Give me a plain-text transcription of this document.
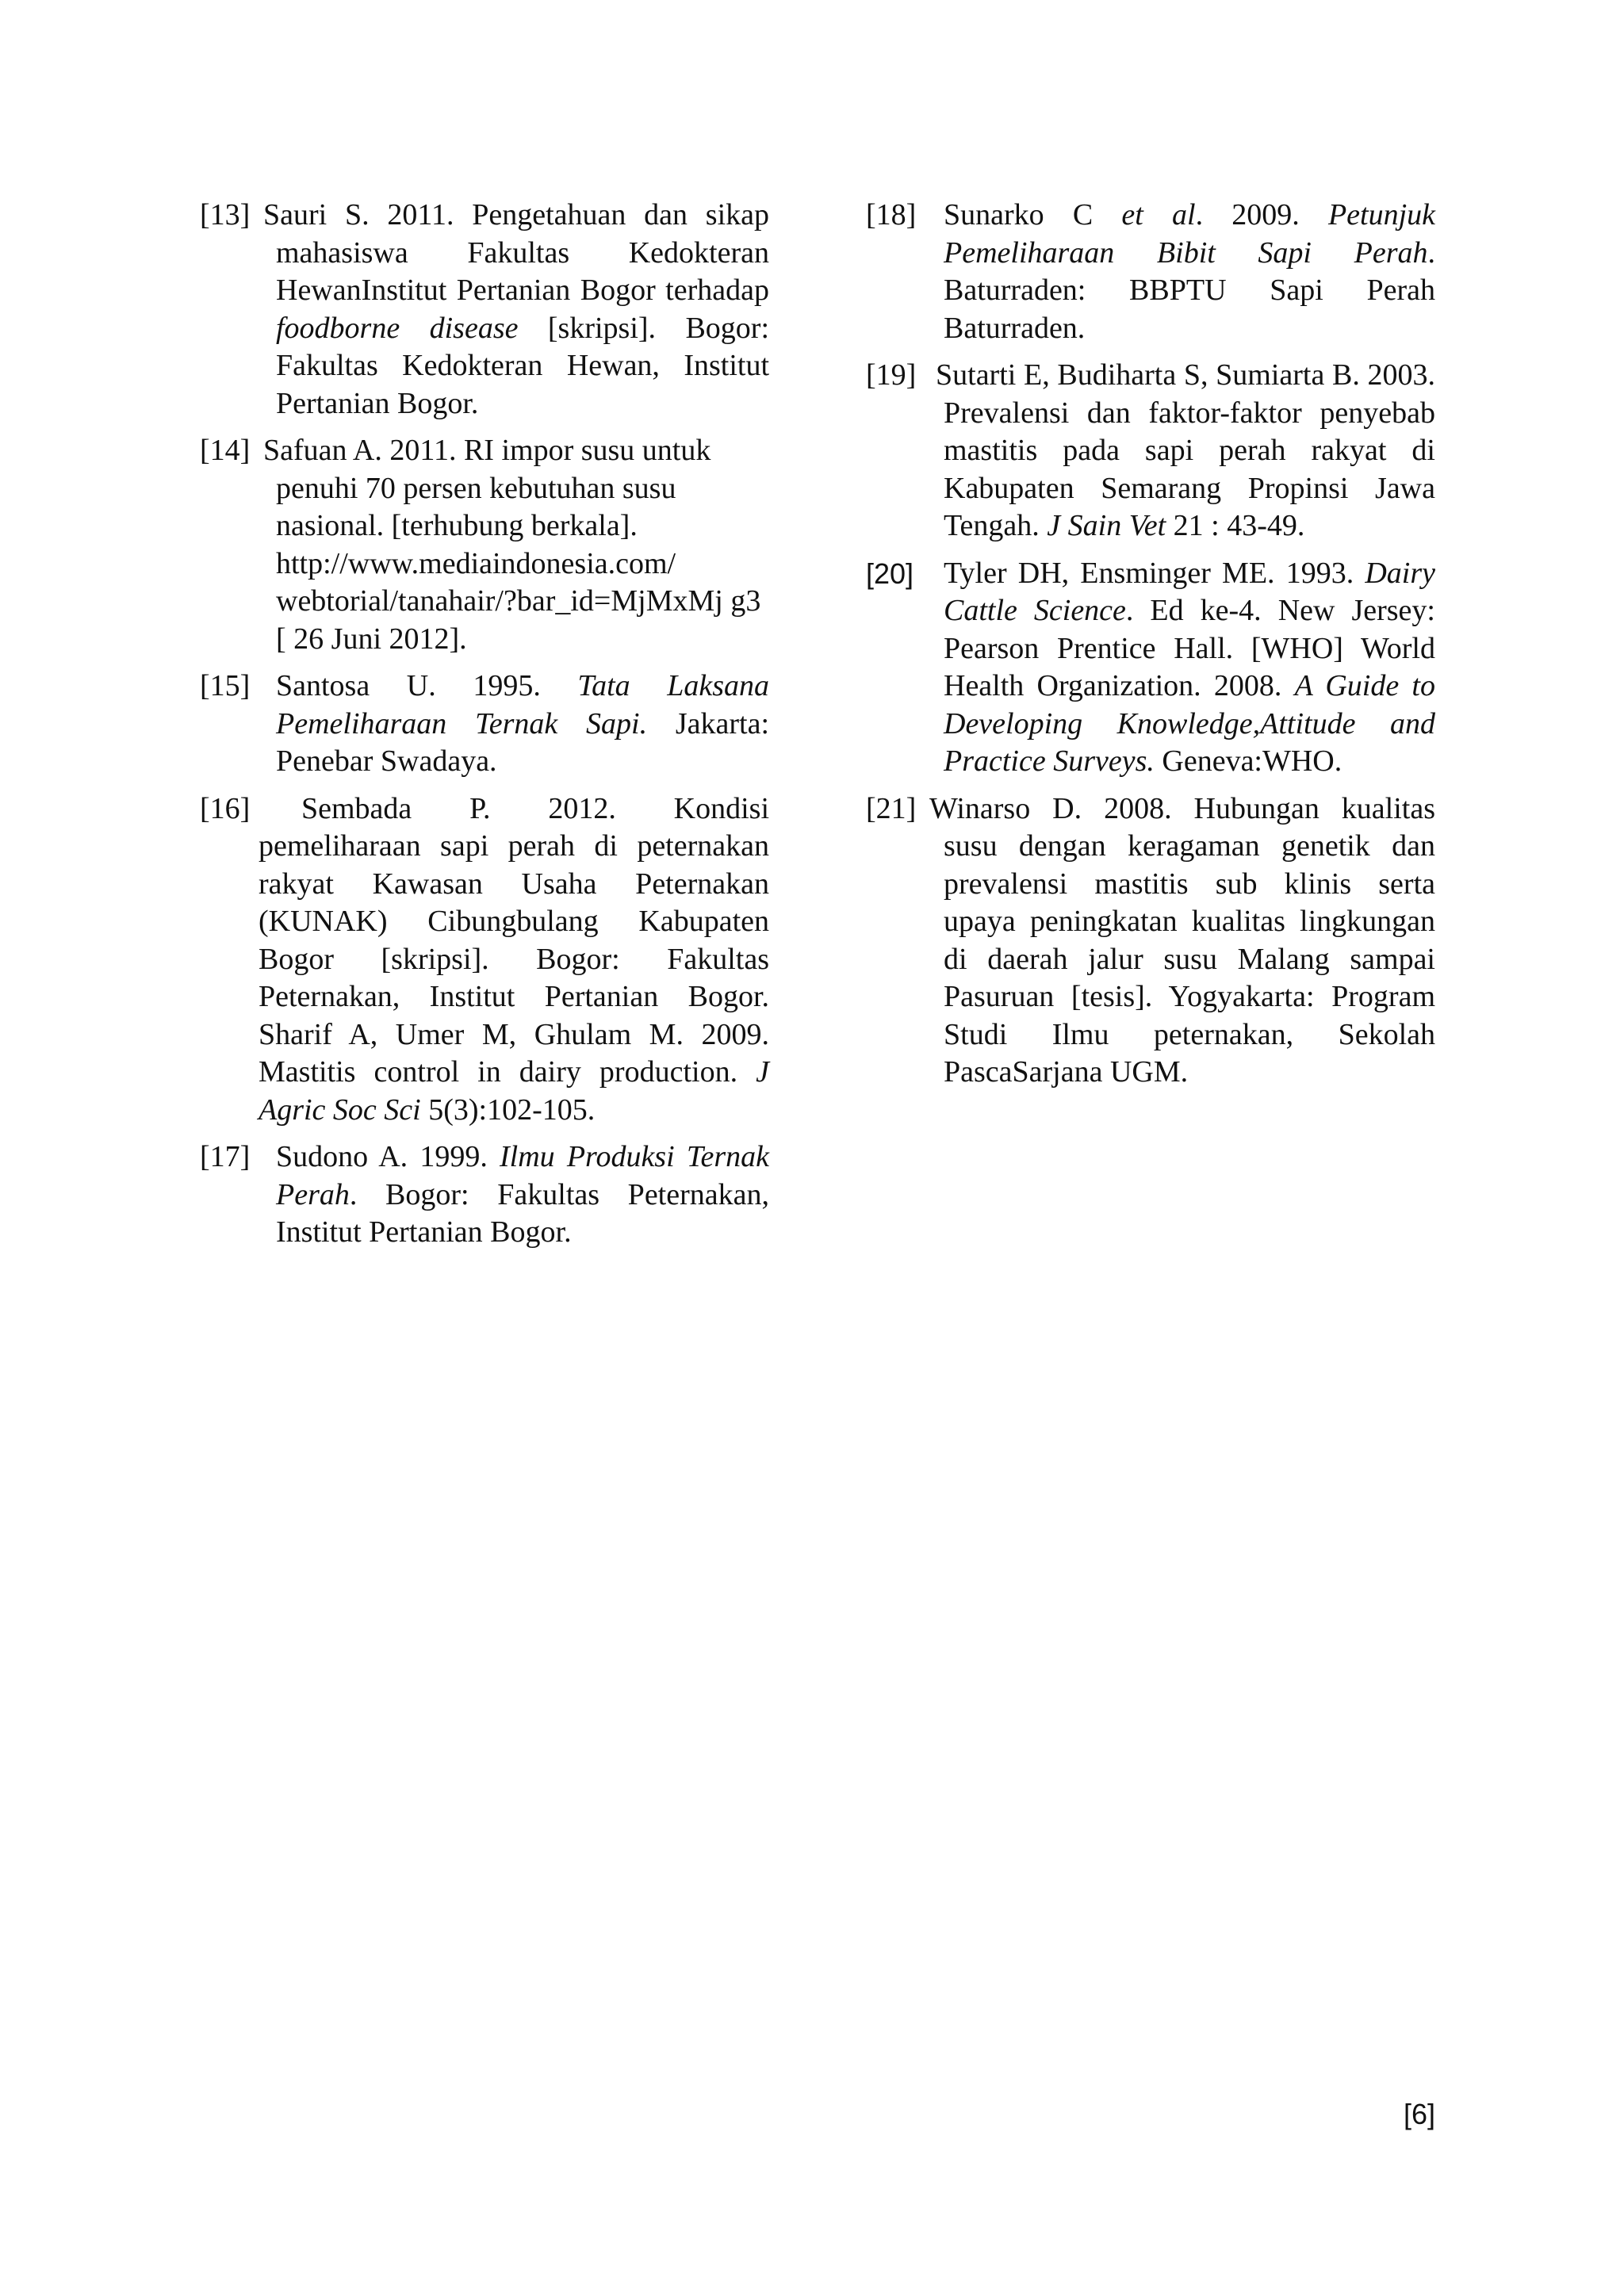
[13] Sauri S. 2011. Pengetahuan dan sikap mahasiswa Fakultas Kedokteran HewanInstitut Pertanian Bogor terhadap foodborne disease [skripsi]. Bogor: Fakultas Kedokteran Hewan, Institut Pertanian Bogor.
[14] Safuan A. 2011. RI impor susu untuk penuhi 70 persen kebutuhan susu nasional. [terhubung berkala]. http://www.mediaindonesia.com/ webtorial/tanahair/?bar_id=MjMxMj g3 [ 26 Juni 2012].
[15] Santosa U. 1995. Tata Laksana Pemeliharaan Ternak Sapi. Jakarta: Penebar Swadaya.
[16]	Sembada P. 2012. Kondisi pemeliharaan sapi perah di peternakan rakyat Kawasan Usaha Peternakan (KUNAK) Cibungbulang Kabupaten Bogor [skripsi]. Bogor: Fakultas Peternakan, Institut Pertanian Bogor. Sharif A, Umer M, Ghulam M. 2009. Mastitis control in dairy production. J Agric Soc Sci 5(3):102-105.
[17] Sudono A. 1999. Ilmu Produksi Ternak Perah. Bogor: Fakultas Peternakan, Institut Pertanian Bogor.
[18] Sunarko C et al. 2009. Petunjuk Pemeliharaan Bibit Sapi Perah. Baturraden: BBPTU Sapi Perah Baturraden.
[19] Sutarti E, Budiharta S, Sumiarta B. 2003. Prevalensi dan faktor-faktor penyebab mastitis pada sapi perah rakyat di Kabupaten Semarang Propinsi Jawa Tengah. J Sain Vet 21 : 43-49.
[20] Tyler DH, Ensminger ME. 1993. Dairy Cattle Science. Ed ke-4. New Jersey: Pearson Prentice Hall. [WHO] World Health Organization. 2008. A Guide to Developing Knowledge,Attitude and Practice Surveys. Geneva:WHO.
[21] Winarso D. 2008. Hubungan kualitas susu dengan keragaman genetik dan prevalensi mastitis sub klinis serta upaya peningkatan kualitas lingkungan di daerah jalur susu Malang sampai Pasuruan [tesis]. Yogyakarta: Program Studi Ilmu peternakan, Sekolah PascaSarjana UGM.
[6]
